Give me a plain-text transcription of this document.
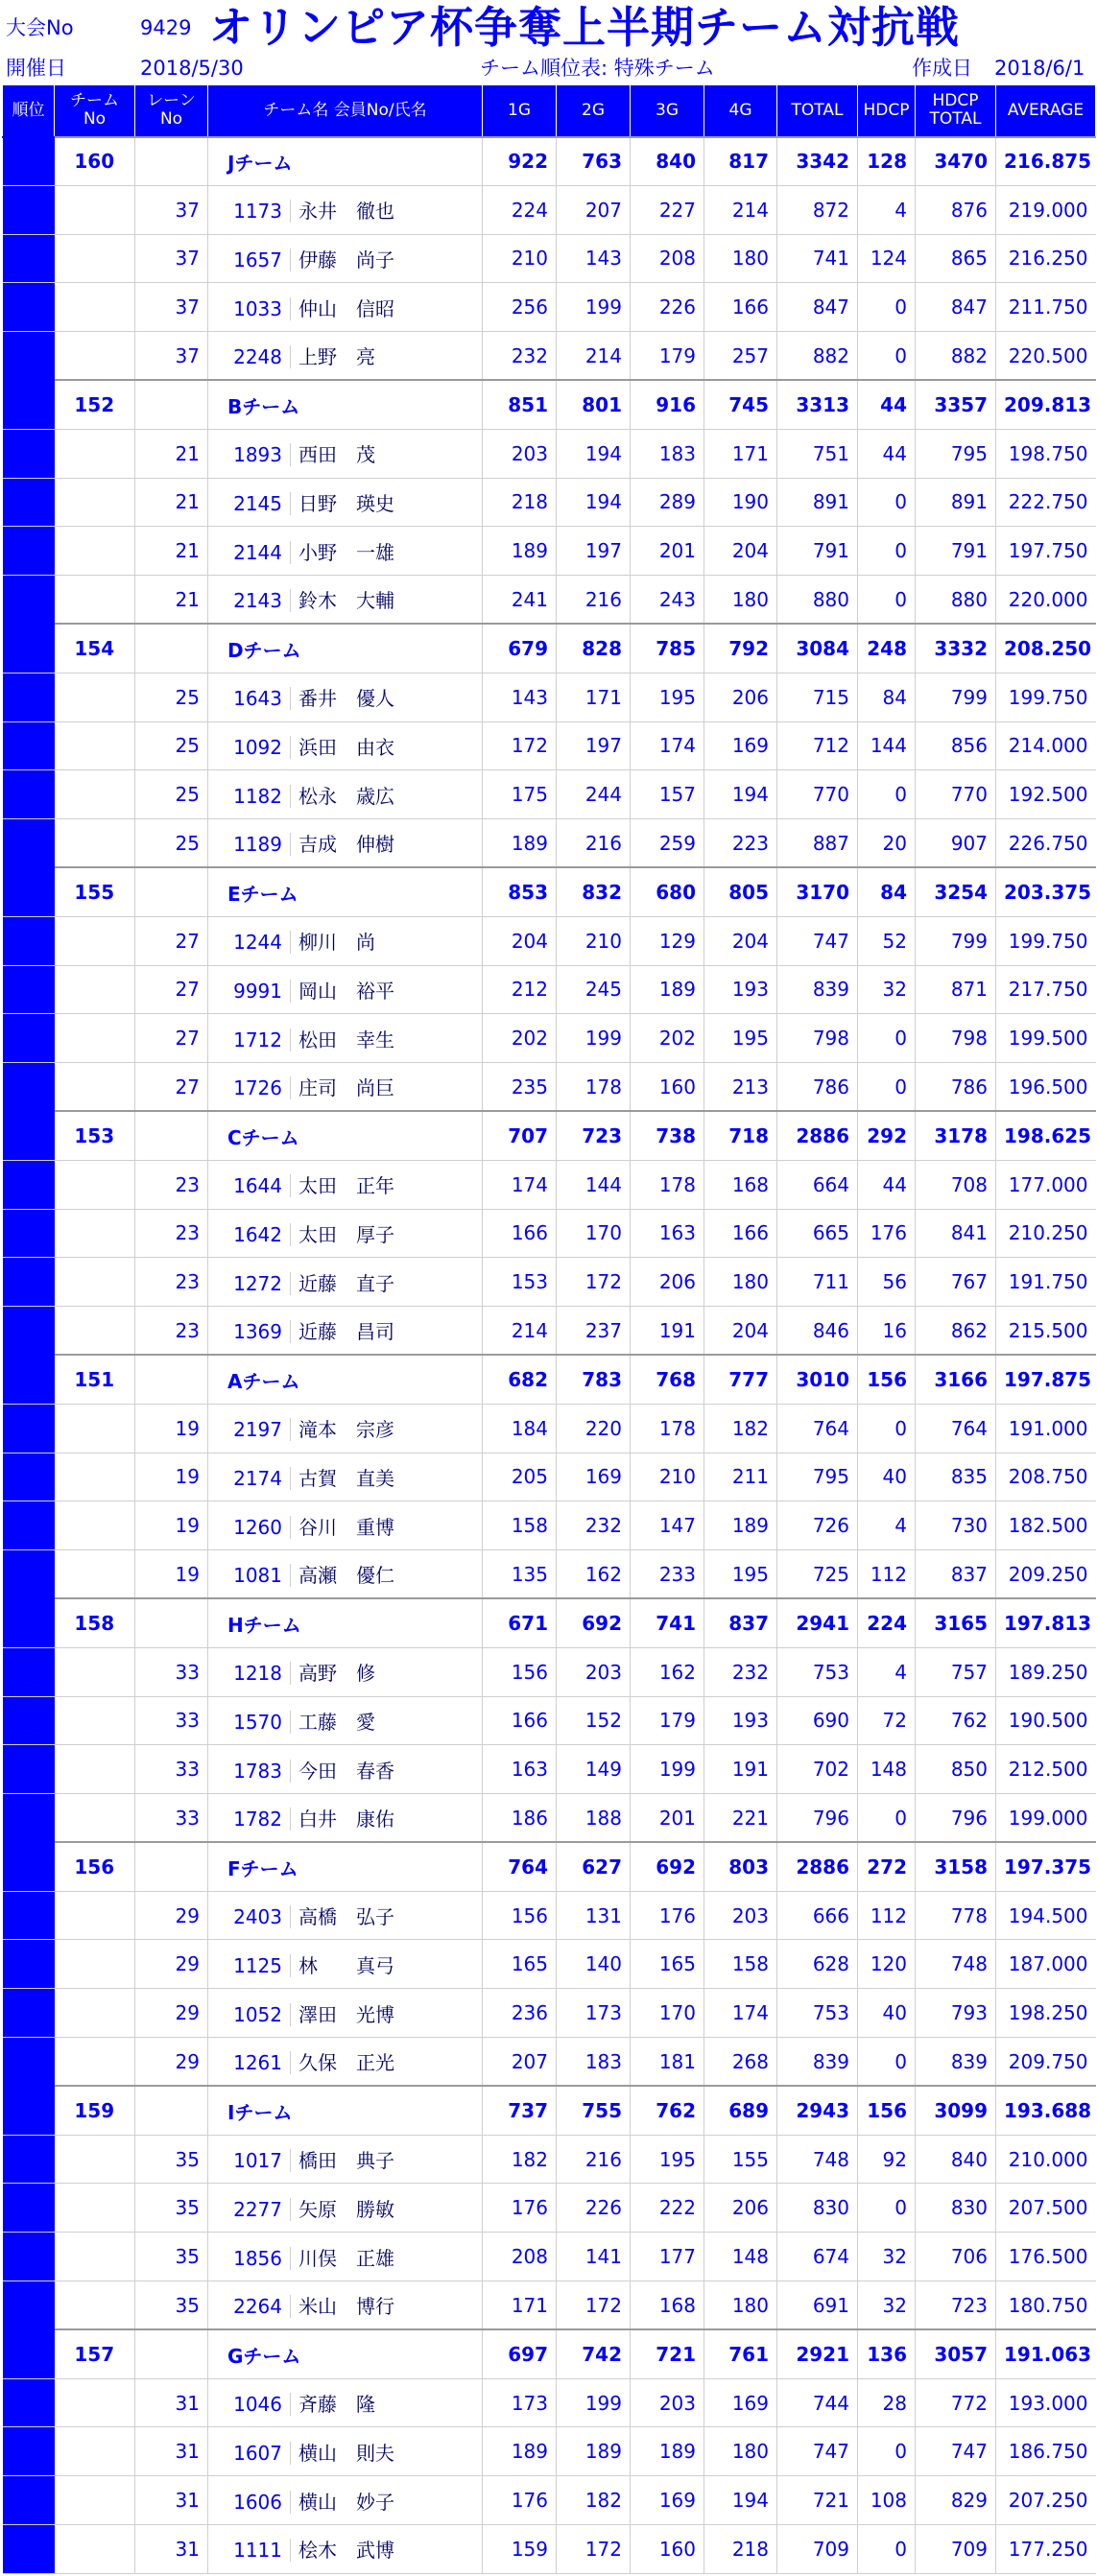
大会No	9429
開催日	2018/5/30
オリンピア杯争奪上半期チーム対抗戦
チーム順位表: 特殊チーム	作成日 2018/6/1
順位	チーム No	レーン No	チーム名 会員No/氏名	1G	2G	3G	4G	TOTAL	HDCP	HDCP TOTAL	AVERAGE
1	160		Jチーム	922	763	840	817	3342	128	3470	216.875
		37	1173 永井　徹也	224	207	227	214	872	4	876	219.000
		37	1657 伊藤　尚子	210	143	208	180	741	124	865	216.250
		37	1033 仲山　信昭	256	199	226	166	847	0	847	211.750
		37	2248 上野　亮	232	214	179	257	882	0	882	220.500
2	152		Bチーム	851	801	916	745	3313	44	3357	209.813
		21	1893 西田　茂	203	194	183	171	751	44	795	198.750
		21	2145 日野　瑛史	218	194	289	190	891	0	891	222.750
		21	2144 小野　一雄	189	197	201	204	791	0	791	197.750
		21	2143 鈴木　大輔	241	216	243	180	880	0	880	220.000
3	154		Dチーム	679	828	785	792	3084	248	3332	208.250
		25	1643 番井　優人	143	171	195	206	715	84	799	199.750
		25	1092 浜田　由衣	172	197	174	169	712	144	856	214.000
		25	1182 松永　歳広	175	244	157	194	770	0	770	192.500
		25	1189 吉成　伸樹	189	216	259	223	887	20	907	226.750
4	155		Eチーム	853	832	680	805	3170	84	3254	203.375
		27	1244 柳川　尚	204	210	129	204	747	52	799	199.750
		27	9991 岡山　裕平	212	245	189	193	839	32	871	217.750
		27	1712 松田　幸生	202	199	202	195	798	0	798	199.500
		27	1726 庄司　尚巨	235	178	160	213	786	0	786	196.500
5	153		Cチーム	707	723	738	718	2886	292	3178	198.625
		23	1644 太田　正年	174	144	178	168	664	44	708	177.000
		23	1642 太田　厚子	166	170	163	166	665	176	841	210.250
		23	1272 近藤　直子	153	172	206	180	711	56	767	191.750
		23	1369 近藤　昌司	214	237	191	204	846	16	862	215.500
6	151		Aチーム	682	783	768	777	3010	156	3166	197.875
		19	2197 滝本　宗彦	184	220	178	182	764	0	764	191.000
		19	2174 古賀　直美	205	169	210	211	795	40	835	208.750
		19	1260 谷川　重博	158	232	147	189	726	4	730	182.500
		19	1081 高瀬　優仁	135	162	233	195	725	112	837	209.250
7	158		Hチーム	671	692	741	837	2941	224	3165	197.813
		33	1218 高野　修	156	203	162	232	753	4	757	189.250
		33	1570 工藤　愛	166	152	179	193	690	72	762	190.500
		33	1783 今田　春香	163	149	199	191	702	148	850	212.500
		33	1782 白井　康佑	186	188	201	221	796	0	796	199.000
8	156		Fチーム	764	627	692	803	2886	272	3158	197.375
		29	2403 高橋　弘子	156	131	176	203	666	112	778	194.500
		29	1125 林　　真弓	165	140	165	158	628	120	748	187.000
		29	1052 澤田　光博	236	173	170	174	753	40	793	198.250
		29	1261 久保　正光	207	183	181	268	839	0	839	209.750
9	159		Iチーム	737	755	762	689	2943	156	3099	193.688
		35	1017 橋田　典子	182	216	195	155	748	92	840	210.000
		35	2277 矢原　勝敏	176	226	222	206	830	0	830	207.500
		35	1856 川俣　正雄	208	141	177	148	674	32	706	176.500
		35	2264 米山　博行	171	172	168	180	691	32	723	180.750
10	157		Gチーム	697	742	721	761	2921	136	3057	191.063
		31	1046 斉藤　隆	173	199	203	169	744	28	772	193.000
		31	1607 横山　則夫	189	189	189	180	747	0	747	186.750
		31	1606 横山　妙子	176	182	169	194	721	108	829	207.250
		31	1111 桧木　武博	159	172	160	218	709	0	709	177.250
